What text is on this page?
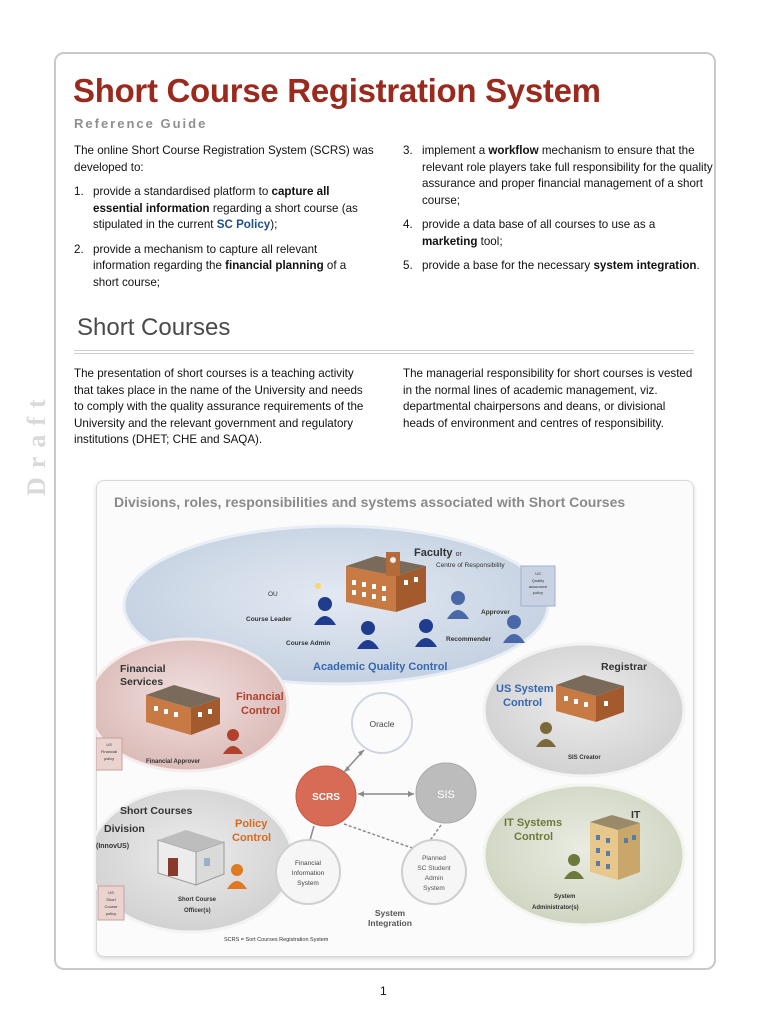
Short Course Registration System
Reference Guide

The online Short Course Registration System (SCRS) was developed to:

1. provide a standardised platform to capture all essential information regarding a short course (as stipulated in the current SC Policy);
2. provide a mechanism to capture all relevant information regarding the financial planning of a short course;
3. implement a workflow mechanism to ensure that the relevant role players take full responsibility for the quality assurance and proper financial management of a short course;
4. provide a data base of all courses to use as a marketing tool;
5. provide a base for the necessary system integration.
Short Courses
The presentation of short courses is a teaching activity that takes place in the name of the University and needs to comply with the quality assurance requirements of the University and the relevant government and regulatory institutions (DHET; CHE and SAQA).
The managerial responsibility for short courses is vested in the normal lines of academic management, viz. departmental chairpersons and deans, or divisional heads of environment and centres of responsibility.
Draft
Divisions, roles, responsibilities and systems associated with Short Courses
Faculty or
Centre of Responsibility
OU
Course Leader
Course Admin
Approver
Recommender
Academic Quality Control
US
Quality
assurance
policy
Financial
Services
Financial
Control
Financial Approver
US
Financial
policy
Registrar
US System
Control
SIS Creator
Oracle
SCRS	SIS
Financial
Information
System
Planned
SC Student
Admin
System
System
Integration
Short Courses
Division
(InnovUS)
Policy
Control
Short Course
Officer(s)
US
Short
Course
policy
IT
IT Systems
Control
System
Administrator(s)
SCRS = Sort Courses Registration System
1
